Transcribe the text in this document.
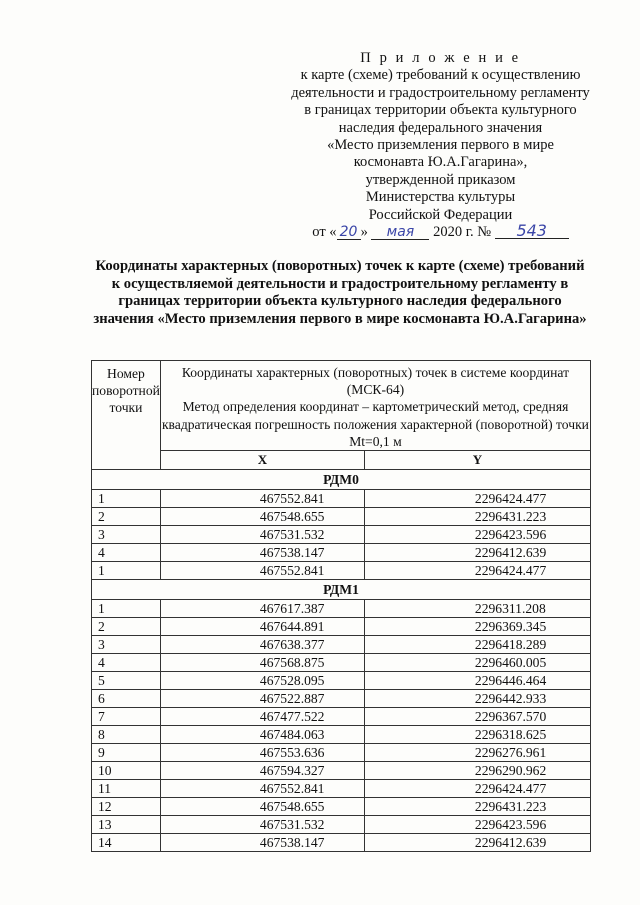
П р и л о ж е н и е
к карте (схеме) требований к осуществлению
деятельности и градостроительному регламенту
в границах территории объекта культурного
наследия федерального значения
«Место приземления первого в мире
космонавта Ю.А.Гагарина»,
утвержденной приказом
Министерства культуры
Российской Федерации
от « 20 » мая 2020 г. № 543
Координаты характерных (поворотных) точек к карте (схеме) требований к осуществляемой деятельности и градостроительному регламенту в границах территории объекта культурного наследия федерального значения «Место приземления первого в мире космонавта Ю.А.Гагарина»
Номер поворотной точки	Координаты характерных (поворотных) точек в системе координат (МСК-64)
Метод определения координат – картометрический метод, средняя квадратическая погрешность положения характерной (поворотной) точки Mt=0,1 м	

	X	Y
РДМ0		
1	467552.841	2296424.477
2	467548.655	2296431.223
3	467531.532	2296423.596
4	467538.147	2296412.639
1	467552.841	2296424.477
РДМ1		
1	467617.387	2296311.208
2	467644.891	2296369.345
3	467638.377	2296418.289
4	467568.875	2296460.005
5	467528.095	2296446.464
6	467522.887	2296442.933
7	467477.522	2296367.570
8	467484.063	2296318.625
9	467553.636	2296276.961
10	467594.327	2296290.962
11	467552.841	2296424.477
12	467548.655	2296431.223
13	467531.532	2296423.596
14	467538.147	2296412.639
